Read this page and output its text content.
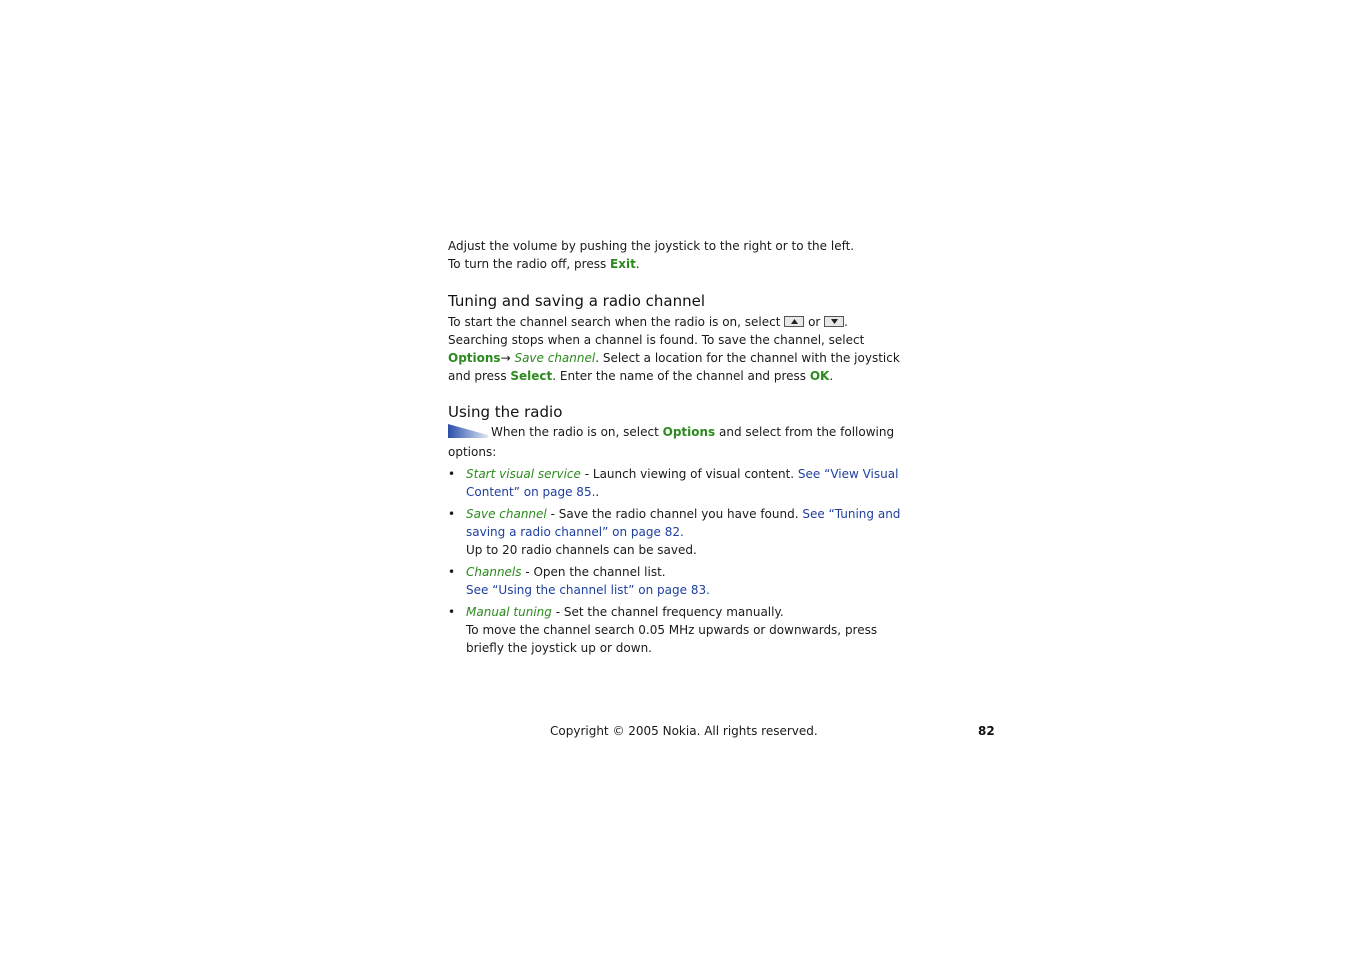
Adjust the volume by pushing the joystick to the right or to the left.

To turn the radio off, press Exit.

Tuning and saving a radio channel

To start the channel search when the radio is on, select
or
. Searching stops when a channel is found. To save the channel, select Options→ Save channel. Select a location for the channel with the joystick and press Select. Enter the name of the channel and press OK.

Using the radio

When the radio is on, select Options and select from the following options:

• Start visual service - Launch viewing of visual content. See “View Visual Content” on page 85..
• Save channel - Save the radio channel you have found. See “Tuning and saving a radio channel” on page 82.
Up to 20 radio channels can be saved.
• Channels - Open the channel list.
See “Using the channel list” on page 83.
• Manual tuning - Set the channel frequency manually.
To move the channel search 0.05 MHz upwards or downwards, press briefly the joystick up or down.
Copyright © 2005 Nokia. All rights reserved.	82
